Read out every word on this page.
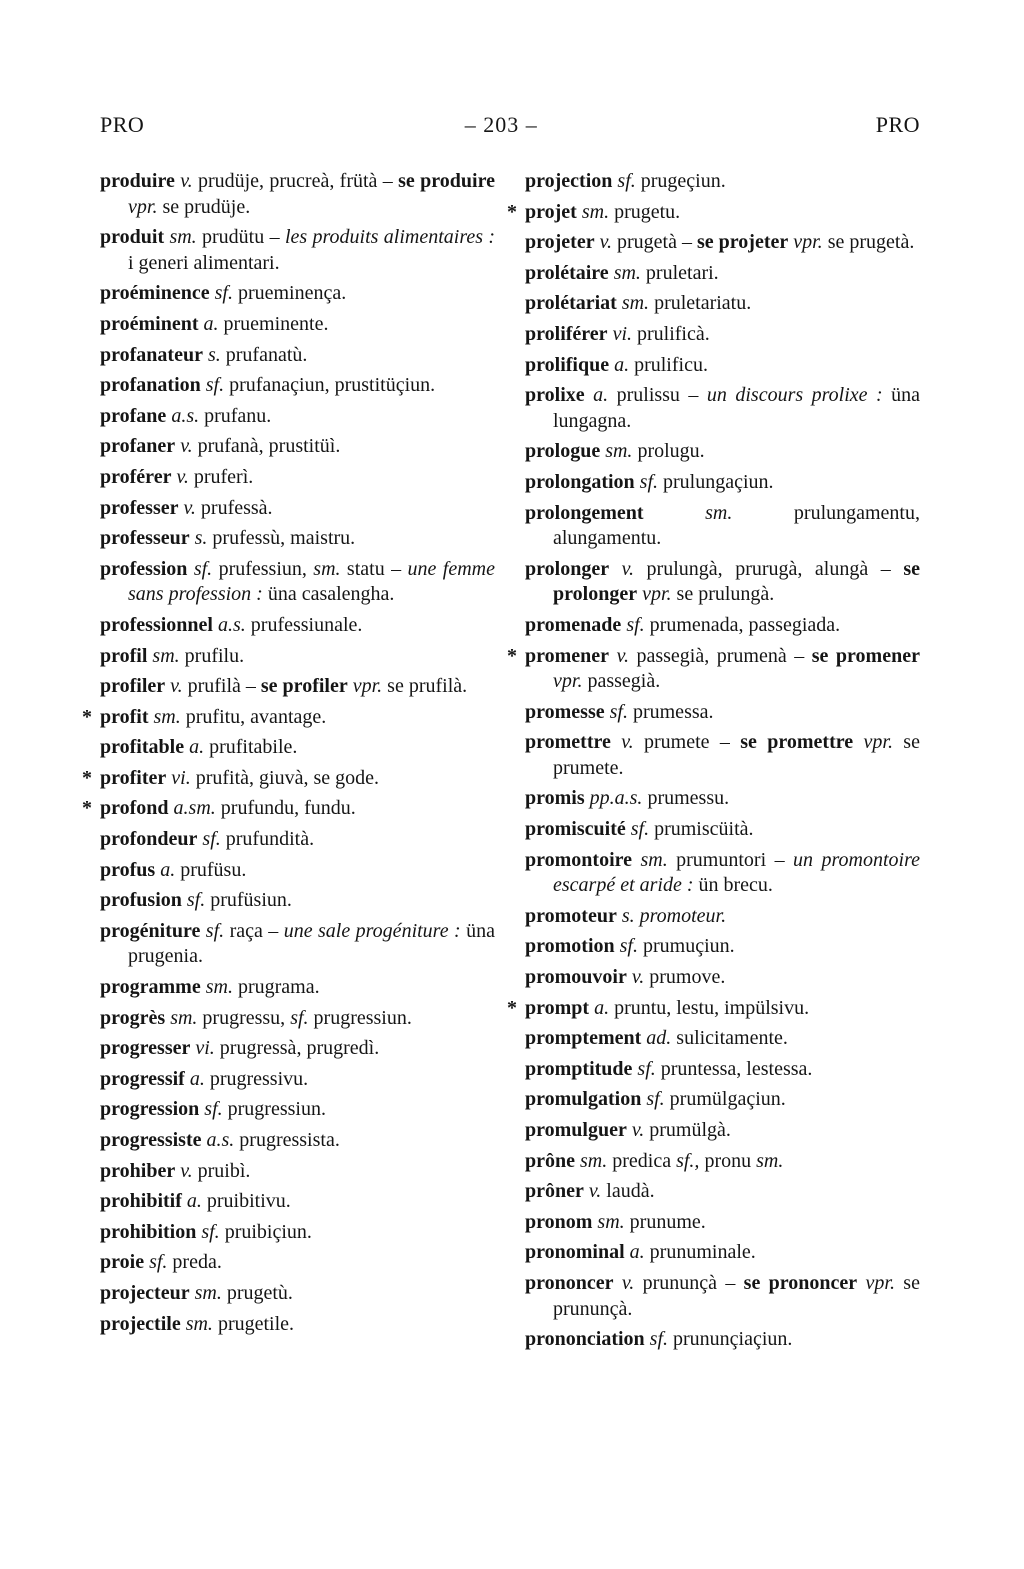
PRO	– 203 –	PRO
produire v. prudüje, prucreà, frütà – se produire vpr. se prudüje.
produit sm. prudütu – les produits alimentaires : i generi alimentari.
proéminence sf. prueminença.
proéminent a. prueminente.
profanateur s. prufanatù.
profanation sf. prufanaçiun, prustitüçiun.
profane a.s. prufanu.
profaner v. prufanà, prustitüì.
proférer v. pruferì.
professer v. prufessà.
professeur s. prufessù, maistru.
profession sf. prufessiun, sm. statu – une femme sans profession : üna casalengha.
professionnel a.s. prufessiunale.
profil sm. prufilu.
profiler v. prufilà – se profiler vpr. se prufilà.
* profit sm. prufitu, avantage.
profitable a. prufitabile.
* profiter vi. prufità, giuvà, se gode.
* profond a.sm. prufundu, fundu.
profondeur sf. prufundità.
profus a. prufüsu.
profusion sf. prufüsiun.
progéniture sf. raça – une sale progéniture : üna prugenia.
programme sm. prugrama.
progrès sm. prugressu, sf. prugressiun.
progresser vi. prugressà, prugredì.
progressif a. prugressivu.
progression sf. prugressiun.
progressiste a.s. prugressista.
prohiber v. pruibì.
prohibitif a. pruibitivu.
prohibition sf. pruibiçiun.
proie sf. preda.
projecteur sm. prugetù.
projectile sm. prugetile.
projection sf. prugeçiun.
* projet sm. prugetu.
projeter v. prugetà – se projeter vpr. se prugetà.
prolétaire sm. pruletari.
prolétariat sm. pruletariatu.
proliférer vi. prulificà.
prolifique a. prulificu.
prolixe a. prulissu – un discours prolixe : üna lungagna.
prologue sm. prolugu.
prolongation sf. prulungaçiun.
prolongement sm. prulungamentu, alungamentu.
prolonger v. prulungà, prurugà, alungà – se prolonger vpr. se prulungà.
promenade sf. prumenada, passegiada.
* promener v. passegià, prumenà – se promener vpr. passegià.
promesse sf. prumessa.
promettre v. prumete – se promettre vpr. se prumete.
promis pp.a.s. prumessu.
promiscuité sf. prumiscüità.
promontoire sm. prumuntori – un promontoire escarpé et aride : ün brecu.
promoteur s. promoteur.
promotion sf. prumuçiun.
promouvoir v. prumove.
* prompt a. pruntu, lestu, impülsivu.
promptement ad. sulicitamente.
promptitude sf. pruntessa, lestessa.
promulgation sf. prumülgaçiun.
promulguer v. prumülgà.
prône sm. predica sf., pronu sm.
prôner v. laudà.
pronom sm. prunume.
pronominal a. prunuminale.
prononcer v. prununçà – se prononcer vpr. se prununçà.
prononciation sf. prununçiaçiun.
